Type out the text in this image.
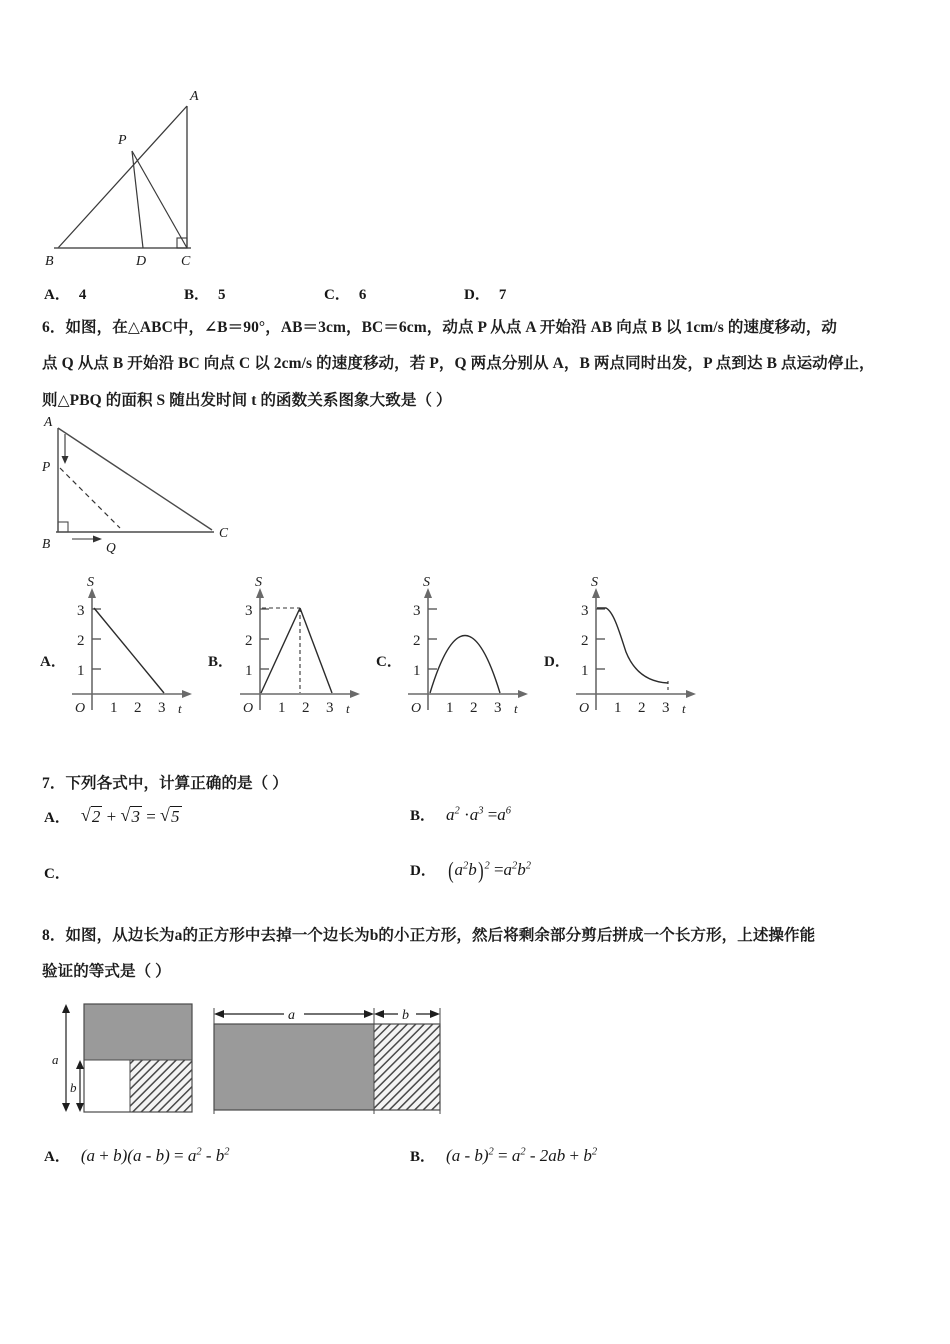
A
P
B	D C
A． 4	B． 5	C． 6	D． 7
6．如图，在△ABC中，∠B＝90°，AB＝3cm，BC＝6cm，动点 P 从点 A 开始沿 AB 向点 B 以 1cm/s 的速度移动，动
点 Q 从点 B 开始沿 BC 向点 C 以 2cm/s 的速度移动，若 P，Q 两点分别从 A，B 两点同时出发，P 点到达 B 点运动停止，
则△PBQ 的面积 S 随出发时间 t 的函数关系图象大致是（ ）
A
P
B	Q
C
A．
1
2
3
1 2 3
O	t
S
B．
1
2
3
1 2 3
O	t
S
C．
1
2
3
1 2 3
O	t
S
D．
1
2
3
1 2 3
O	t
S
7．下列各式中，计算正确的是（ ）
A．	√ 2 + √ 3 = √ 5	B． $a^2 \cdot a^3 =a^6$
C．	D． $(a^2b)^2 =a^2b^2$
8．如图，从边长为a的正方形中去掉一个边长为b的小正方形，然后将剩余部分剪后拼成一个长方形，上述操作能
验证的等式是（ ）
a
b
a	b
A． $(a + b)(a - b) = a^2 - b^2$	B． $(a - b)^2 = a^2 - 2ab + b^2$
